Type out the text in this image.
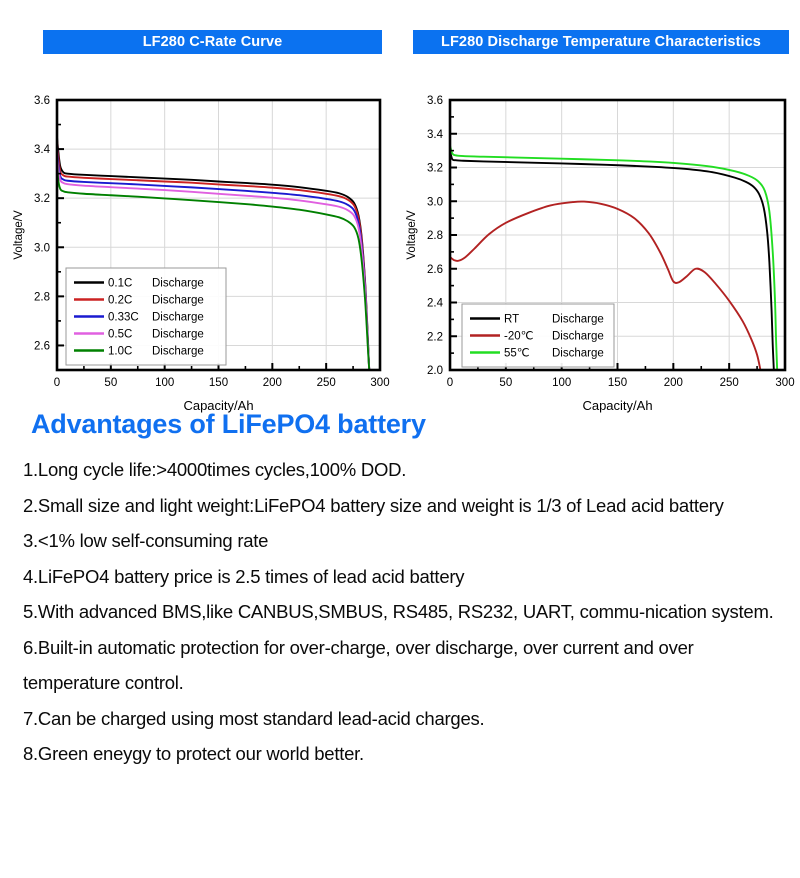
LF280 C-Rate Curve
0	50	100	150	200	250	300
2.6
2.8
3.0
3.2
3.4
3.6
Capacity/Ah
Voltage/V
0.1C Discharge
0.2C Discharge
0.33C Discharge
0.5C Discharge
1.0C Discharge
LF280 Discharge Temperature Characteristics
0	50	100	150	200	250	300
2.0
2.2
2.4
2.6
2.8
3.0
3.2
3.4
3.6
Capacity/Ah
Voltage/V
RT	Discharge
-20℃ Discharge
55℃ Discharge
Advantages of LiFePO4 battery
1.Long cycle life:>4000times cycles,100% DOD.
2.Small size and light weight:LiFePO4 battery size and weight is 1/3 of Lead acid battery
3.<1% low self-consuming rate
4.LiFePO4 battery price is 2.5 times of lead acid battery
5.With advanced BMS,like CANBUS,SMBUS, RS485, RS232, UART, commu-nication system.
6.Built-in automatic protection for over-charge, over discharge, over current and over temperature control.
7.Can be charged using most standard lead-acid charges.
8.Green eneygy to protect our world better.
